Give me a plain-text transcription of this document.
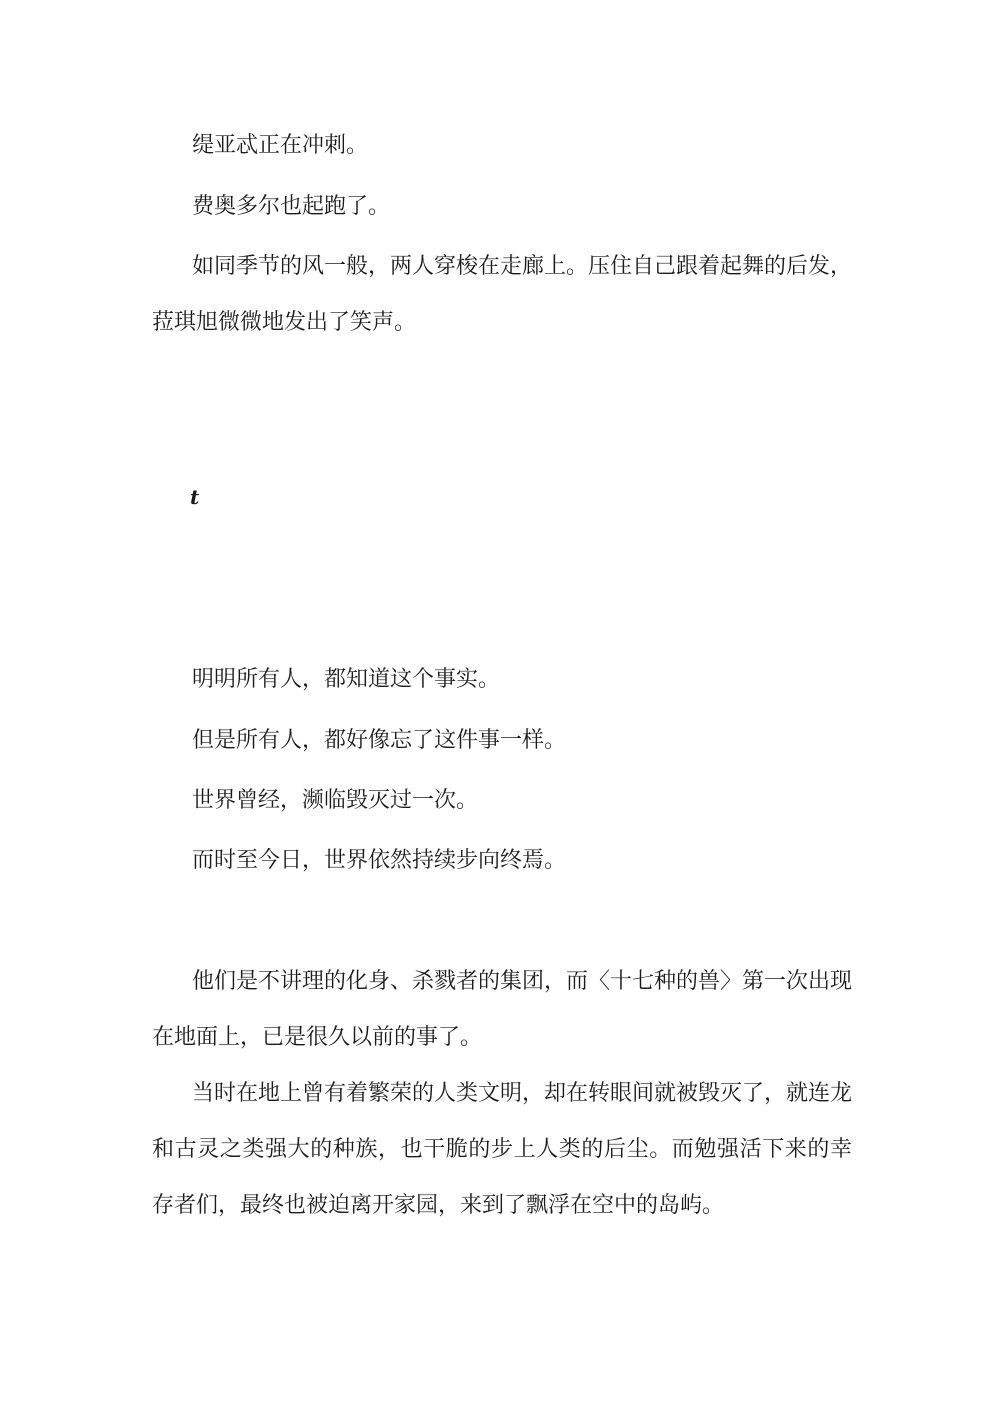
缇亚忒正在冲刺。

费奥多尔也起跑了。

如同季节的风一般，两人穿梭在走廊上。压住自己跟着起舞的后发，菈琪旭微微地发出了笑声。

t

明明所有人，都知道这个事实。

但是所有人，都好像忘了这件事一样。

世界曾经，濒临毁灭过一次。

而时至今日，世界依然持续步向终焉。

他们是不讲理的化身、杀戮者的集团，而〈十七种的兽〉第一次出现在地面上，已是很久以前的事了。

当时在地上曾有着繁荣的人类文明，却在转眼间就被毁灭了，就连龙和古灵之类强大的种族，也干脆的步上人类的后尘。而勉强活下来的幸存者们，最终也被迫离开家园，来到了飘浮在空中的岛屿。
